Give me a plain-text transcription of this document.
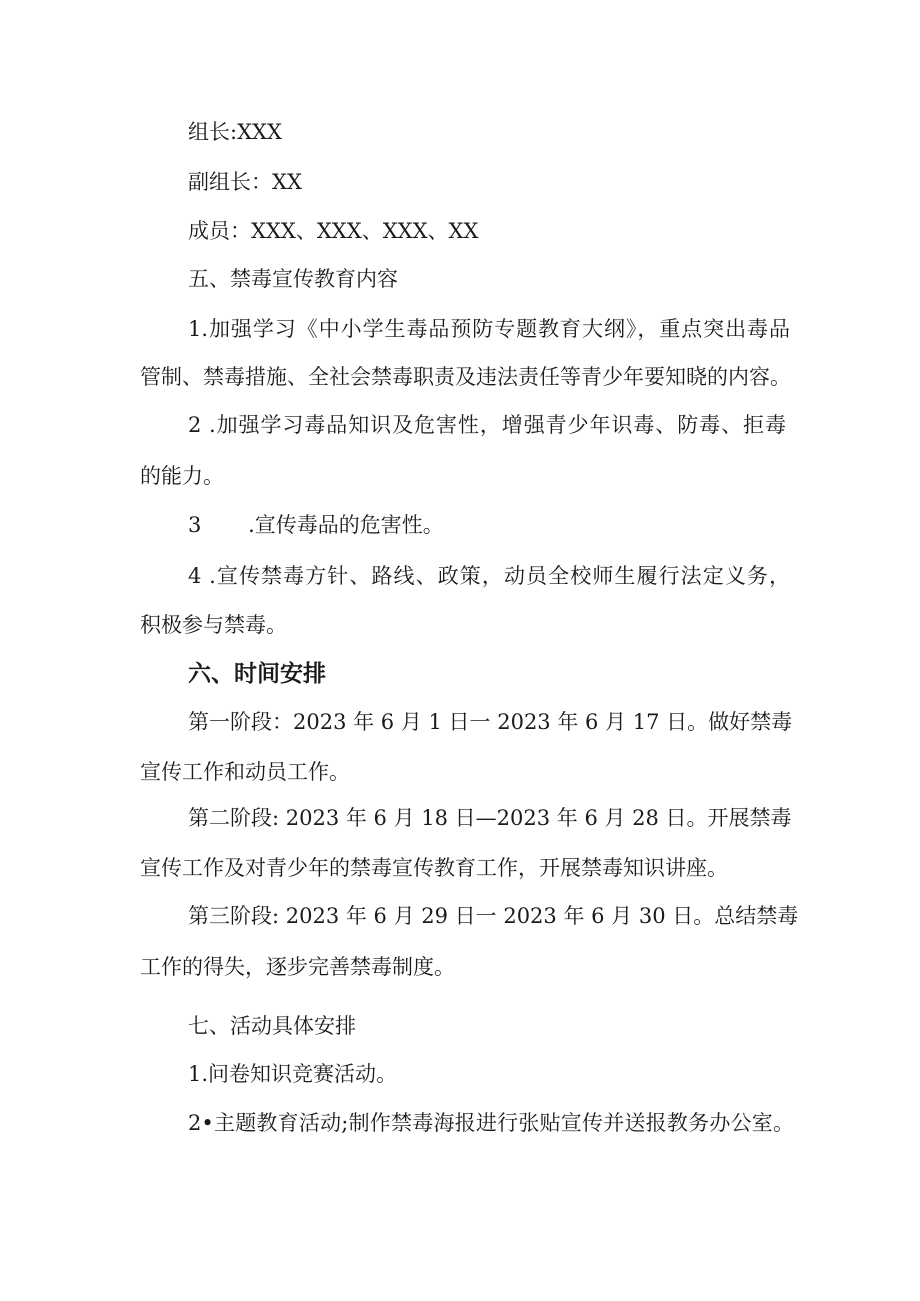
组长:XXX
副组长：XX
成员：XXX、XXX、XXX、XX
五、禁毒宣传教育内容
1.加强学习《中小学生毒品预防专题教育大纲》，重点突出毒品
管制、禁毒措施、全社会禁毒职责及违法责任等青少年要知晓的内容。
2 .加强学习毒品知识及危害性，增强青少年识毒、防毒、拒毒
的能力。
3       .宣传毒品的危害性。
4 .宣传禁毒方针、路线、政策，动员全校师生履行法定义务，
积极参与禁毒。
六、时间安排
第一阶段：2023 年 6 月 1 日一 2023 年 6 月 17 日。做好禁毒
宣传工作和动员工作。
第二阶段: 2023 年 6 月 18 日—2023 年 6 月 28 日。开展禁毒
宣传工作及对青少年的禁毒宣传教育工作，开展禁毒知识讲座。
第三阶段: 2023 年 6 月 29 日一 2023 年 6 月 30 日。总结禁毒
工作的得失，逐步完善禁毒制度。
七、活动具体安排
1.问卷知识竞赛活动。
2•主题教育活动;制作禁毒海报进行张贴宣传并送报教务办公室。
